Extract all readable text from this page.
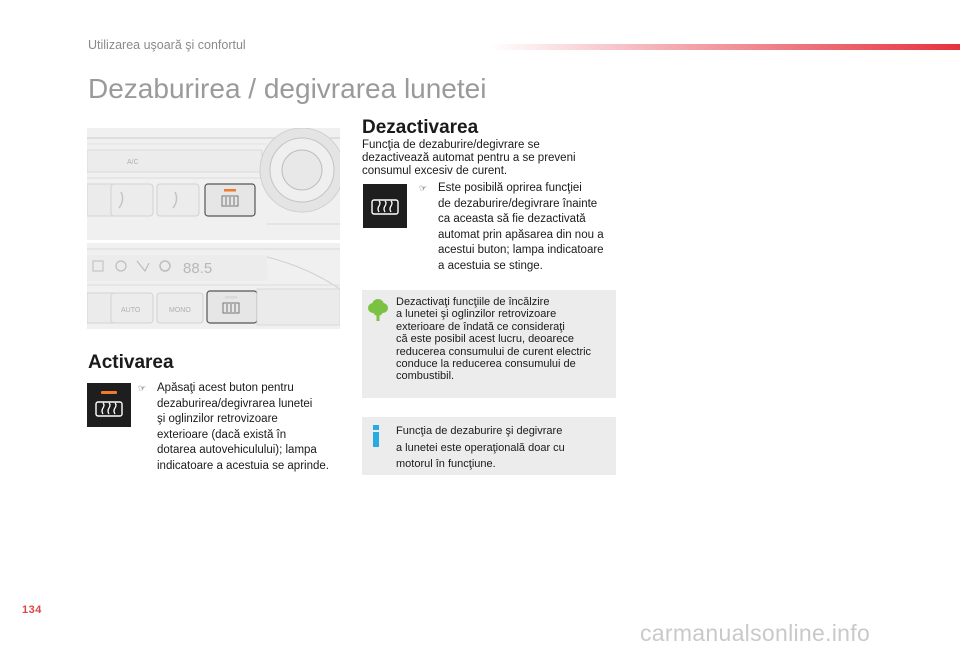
Utilizarea uşoară şi confortul
Dezaburirea / degivrarea lunetei
A/C
88.5
AUTO	MONO
Activarea
☞ Apăsaţi acest buton pentru
dezaburirea/degivrarea lunetei
şi oglinzilor retrovizoare
exterioare (dacă există în
dotarea autovehiculului); lampa
indicatoare a acestuia se aprinde.
Dezactivarea

Funcţia de dezaburire/degivrare se
dezactivează automat pentru a se preveni
consumul excesiv de curent.

☞ Este posibilă oprirea funcţiei
de dezaburire/degivrare înainte
ca aceasta să fie dezactivată
automat prin apăsarea din nou a
acestui buton; lampa indicatoare
a acestuia se stinge.
Dezactivaţi funcţiile de încălzire
a lunetei şi oglinzilor retrovizoare
exterioare de îndată ce consideraţi
că este posibil acest lucru, deoarece
reducerea consumului de curent electric
conduce la reducerea consumului de
combustibil.
Funcţia de dezaburire şi degivrare
a lunetei este operaţională doar cu
motorul în funcţiune.
134
carmanualsonline.info
